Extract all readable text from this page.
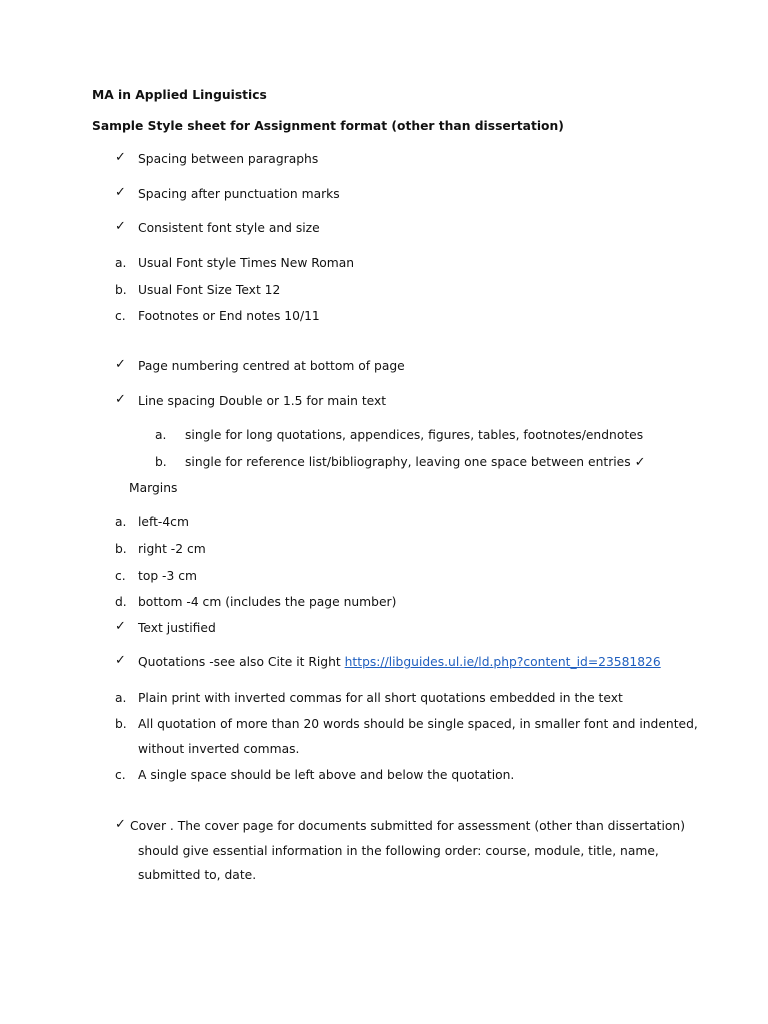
MA in Applied Linguistics
Sample Style sheet for Assignment format (other than dissertation)
✓ Spacing between paragraphs
✓ Spacing after punctuation marks
✓ Consistent font style and size
a. Usual Font style Times New Roman
b. Usual Font Size Text 12
c. Footnotes or End notes 10/11
✓ Page numbering centred at bottom of page
✓ Line spacing Double or 1.5 for main text
a. single for long quotations, appendices, figures, tables, footnotes/endnotes
b. single for reference list/bibliography, leaving one space between entries ✓
Margins
a. left-4cm
b. right -2 cm
c. top -3 cm
d. bottom -4 cm (includes the page number)
✓ Text justified
✓ Quotations -see also Cite it Right https://libguides.ul.ie/ld.php?content_id=23581826
a. Plain print with inverted commas for all short quotations embedded in the text
b. All quotation of more than 20 words should be single spaced, in smaller font and indented,
without inverted commas.
c. A single space should be left above and below the quotation.
✓ Cover . The cover page for documents submitted for assessment (other than dissertation)
should give essential information in the following order: course, module, title, name,
submitted to, date.
